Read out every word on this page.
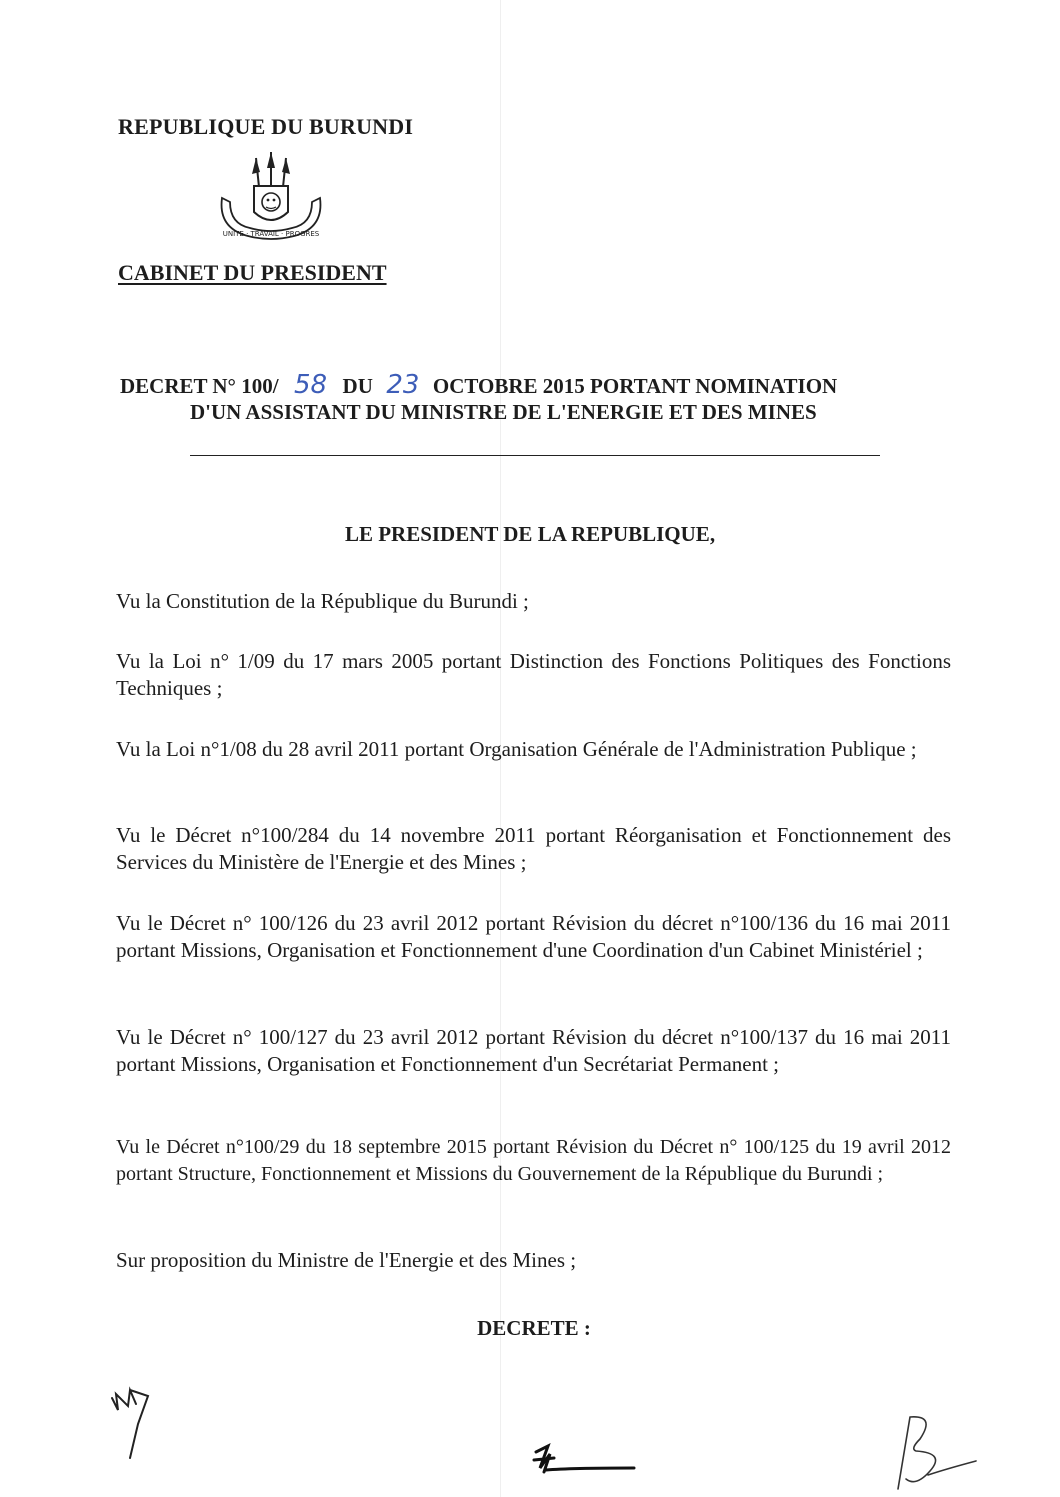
REPUBLIQUE DU BURUNDI
UNITE · TRAVAIL · PROGRES
CABINET DU PRESIDENT
DECRET N° 100/ 58 DU 23 OCTOBRE 2015 PORTANT NOMINATION
D'UN ASSISTANT DU MINISTRE DE L'ENERGIE ET DES MINES
LE PRESIDENT DE LA REPUBLIQUE,
Vu la Constitution de la République du Burundi ;
Vu la Loi n° 1/09 du 17 mars 2005 portant Distinction des Fonctions Politiques des Fonctions Techniques ;
Vu la Loi n°1/08 du 28 avril 2011 portant Organisation Générale de l'Administration Publique ;
Vu le Décret n°100/284 du 14 novembre 2011 portant Réorganisation et Fonctionnement des Services du Ministère de l'Energie et des Mines ;
Vu le Décret n° 100/126 du 23 avril 2012 portant Révision du décret n°100/136 du 16 mai 2011 portant Missions, Organisation et Fonctionnement d'une Coordination d'un Cabinet Ministériel ;
Vu le Décret n° 100/127 du 23 avril 2012 portant Révision du décret n°100/137 du 16 mai 2011 portant Missions, Organisation et Fonctionnement d'un Secrétariat Permanent ;
Vu le Décret n°100/29 du 18 septembre 2015 portant Révision du Décret n° 100/125 du 19 avril 2012 portant Structure, Fonctionnement et Missions du Gouvernement de la République du Burundi ;
Sur proposition du Ministre de l'Energie et des Mines ;
DECRETE :
